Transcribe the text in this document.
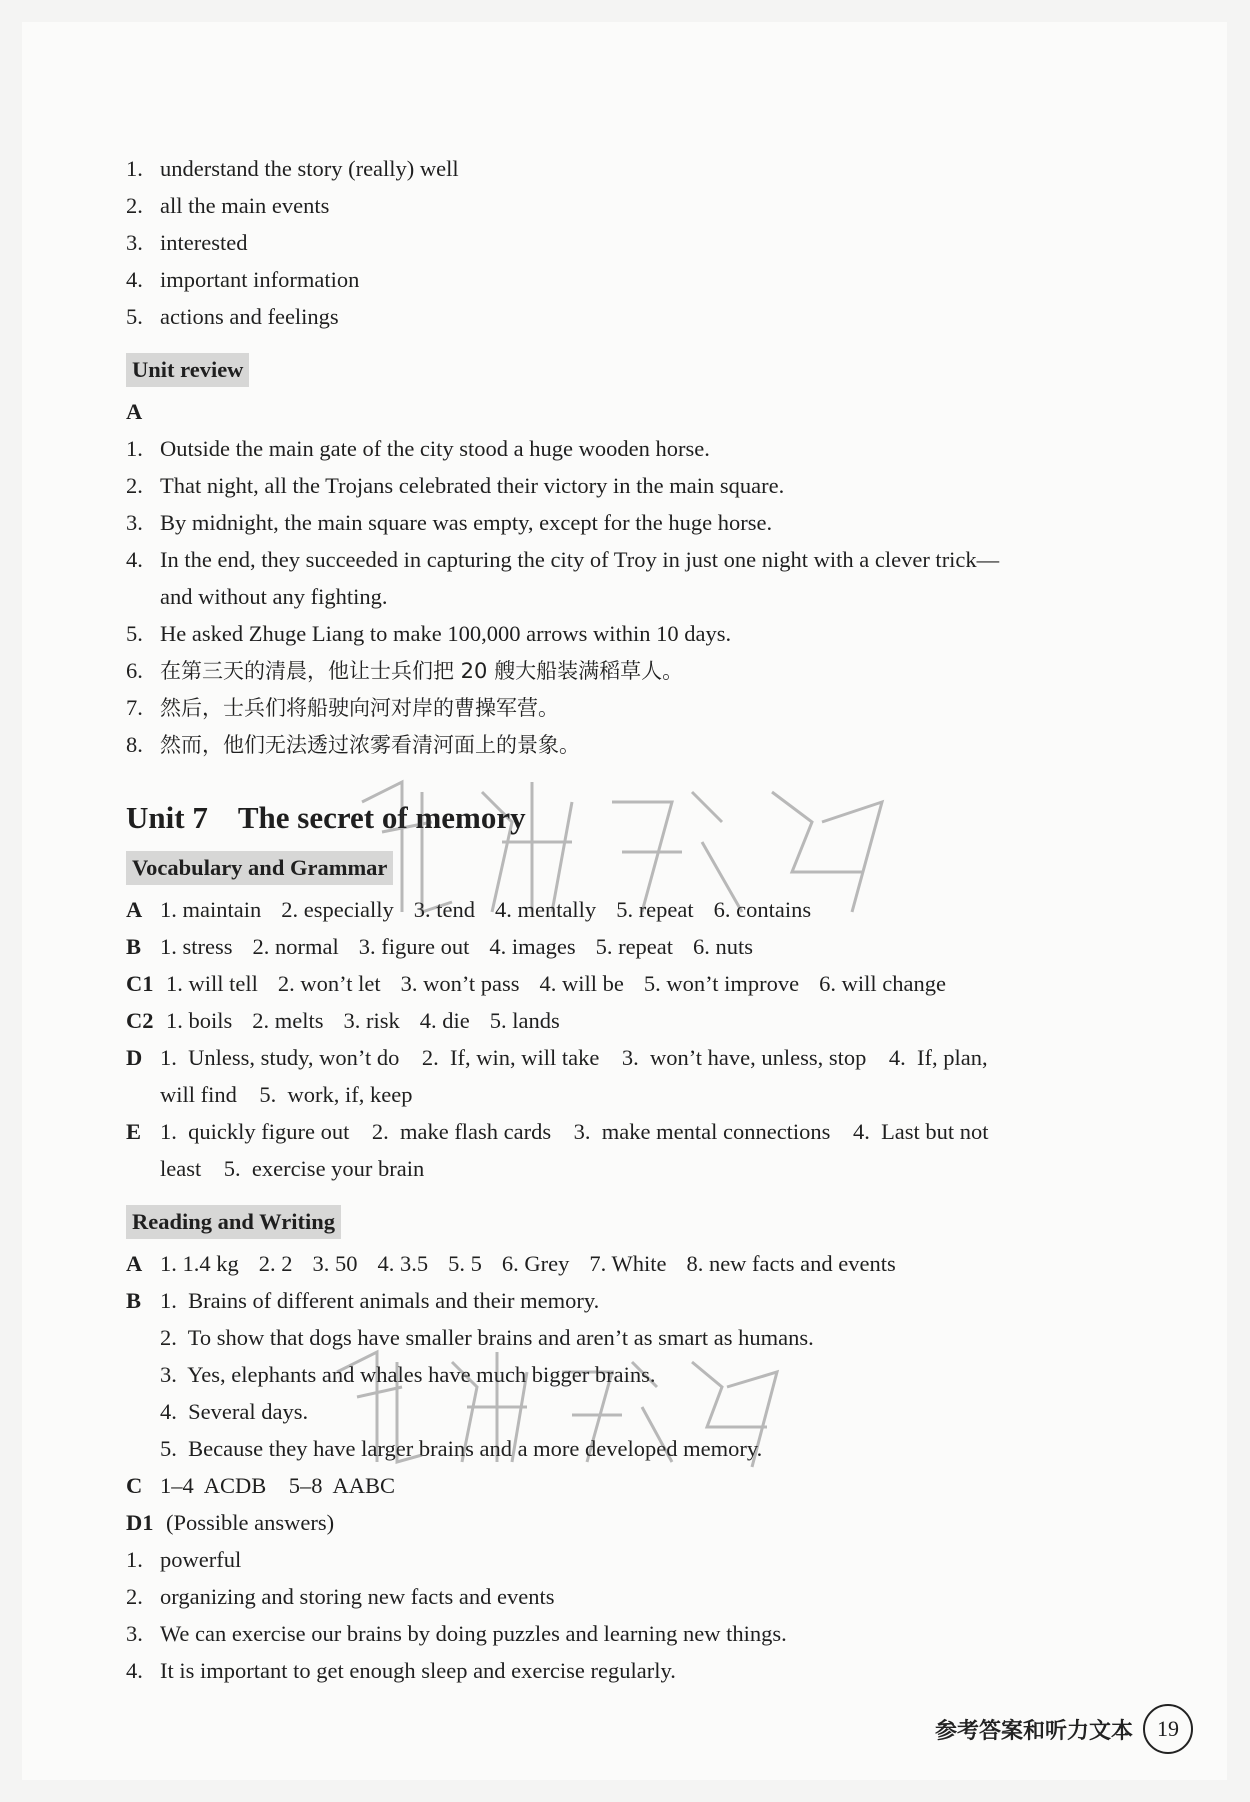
1. understand the story (really) well
2. all the main events
3. interested
4. important information
5. actions and feelings
Unit review
A
1. Outside the main gate of the city stood a huge wooden horse.
2. That night, all the Trojans celebrated their victory in the main square.
3. By midnight, the main square was empty, except for the huge horse.
4. In the end, they succeeded in capturing the city of Troy in just one night with a clever trick—
and without any fighting.
5. He asked Zhuge Liang to make 100,000 arrows within 10 days.
6. 在第三天的清晨，他让士兵们把 20 艘大船装满稻草人。
7. 然后，士兵们将船驶向河对岸的曹操军营。
8. 然而，他们无法透过浓雾看清河面上的景象。
Unit 7 The secret of memory
Vocabulary and Grammar
A 1. maintain 2. especially 3. tend 4. mentally 5. repeat 6. contains
B 1. stress 2. normal 3. figure out 4. images 5. repeat 6. nuts
C1 1. will tell 2. won’t let 3. won’t pass 4. will be 5. won’t improve 6. will change
C2 1. boils 2. melts 3. risk 4. die 5. lands
D 1.  Unless, study, won’t do    2.  If, win, will take    3.  won’t have, unless, stop    4.  If, plan,
will find    5.  work, if, keep
E 1.  quickly figure out    2.  make flash cards    3.  make mental connections    4.  Last but not
least    5.  exercise your brain
Reading and Writing
A 1. 1.4 kg 2. 2 3. 50 4. 3.5 5. 5 6. Grey 7. White 8. new facts and events
B 1.  Brains of different animals and their memory.
2.  To show that dogs have smaller brains and aren’t as smart as humans.
3.  Yes, elephants and whales have much bigger brains.
4.  Several days.
5.  Because they have larger brains and a more developed memory.
C 1–4  ACDB    5–8  AABC
D1 (Possible answers)
1. powerful
2. organizing and storing new facts and events
3. We can exercise our brains by doing puzzles and learning new things.
4. It is important to get enough sleep and exercise regularly.
参考答案和听力文本	19
